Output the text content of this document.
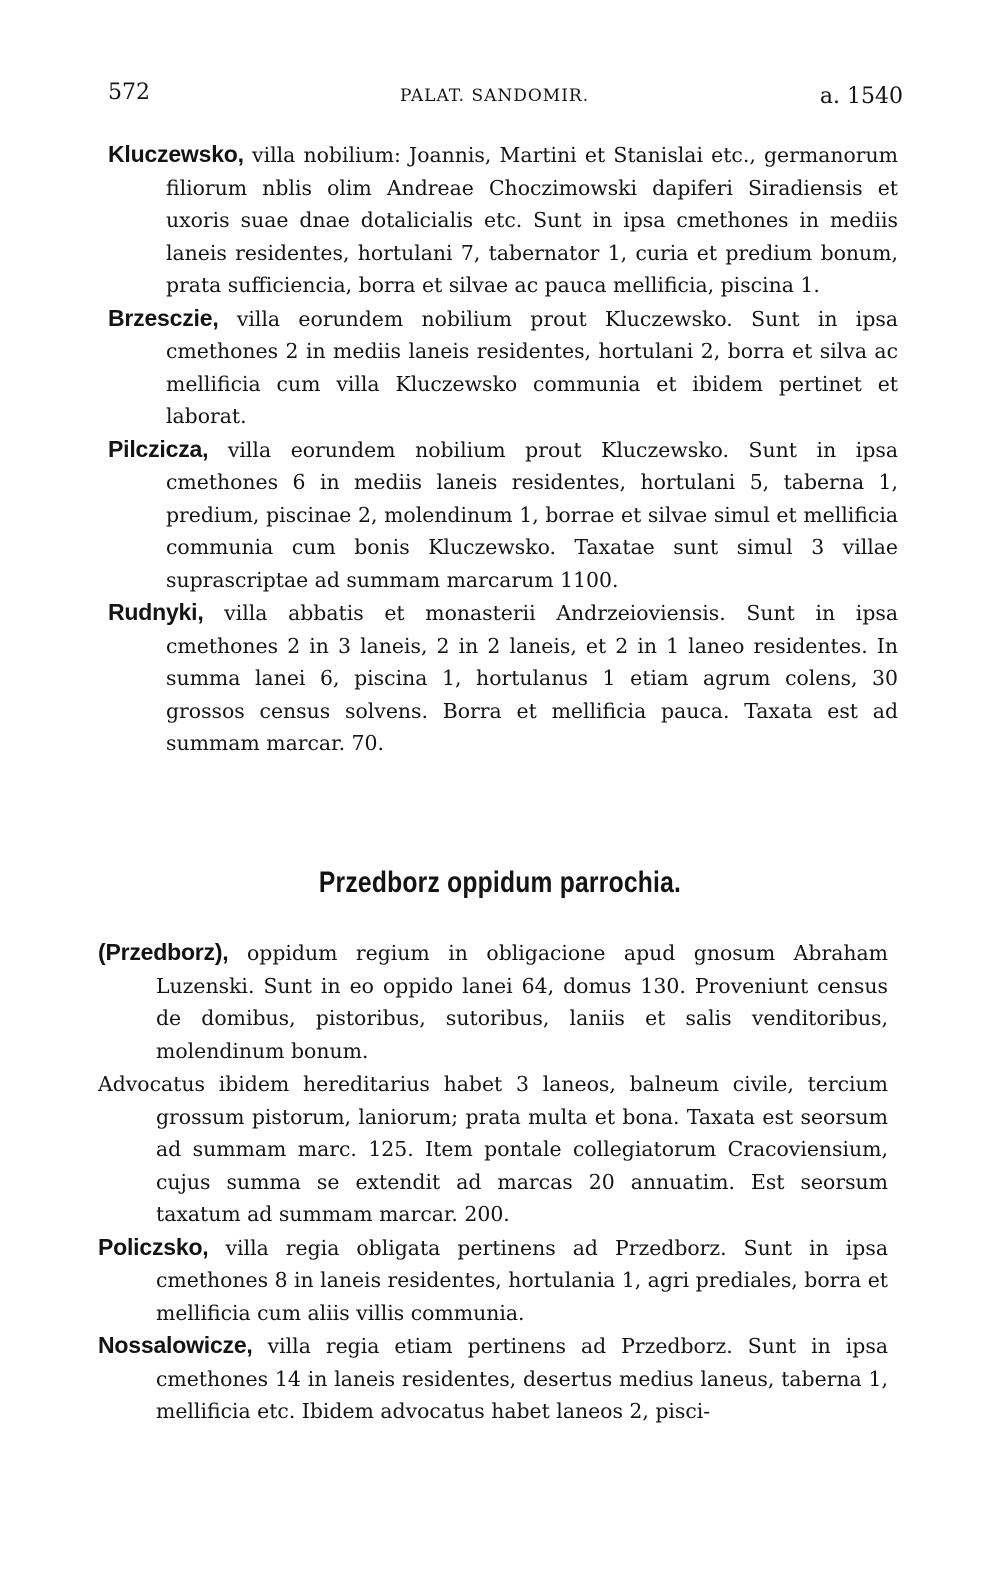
572	PALAT. SANDOMIR.	a. 1540

Kluczewsko, villa nobilium: Joannis, Martini et Stanislai etc., germanorum filiorum nblis olim Andreae Choczimowski dapiferi Siradiensis et uxoris suae dnae dotalicialis etc. Sunt in ipsa cmethones in mediis laneis residentes, hortulani 7, tabernator 1, curia et predium bonum, prata sufficiencia, borra et silvae ac pauca mellificia, piscina 1.

Brzesczie, villa eorundem nobilium prout Kluczewsko. Sunt in ipsa cmethones 2 in mediis laneis residentes, hortulani 2, borra et silva ac mellificia cum villa Kluczewsko communia et ibidem pertinet et laborat.

Pilczicza, villa eorundem nobilium prout Kluczewsko. Sunt in ipsa cmethones 6 in mediis laneis residentes, hortulani 5, taberna 1, predium, piscinae 2, molendinum 1, borrae et silvae simul et mellificia communia cum bonis Kluczewsko. Taxatae sunt simul 3 villae suprascriptae ad summam marcarum 1100.

Rudnyki, villa abbatis et monasterii Andrzeioviensis. Sunt in ipsa cmethones 2 in 3 laneis, 2 in 2 laneis, et 2 in 1 laneo residentes. In summa lanei 6, piscina 1, hortulanus 1 etiam agrum colens, 30 grossos census solvens. Borra et mellificia pauca. Taxata est ad summam marcar. 70.

Przedborz oppidum parrochia.

(Przedborz), oppidum regium in obligacione apud gnosum Abraham Luzenski. Sunt in eo oppido lanei 64, domus 130. Proveniunt census de domibus, pistoribus, sutoribus, laniis et salis venditoribus, molendinum bonum.

Advocatus ibidem hereditarius habet 3 laneos, balneum civile, tercium grossum pistorum, laniorum; prata multa et bona. Taxata est seorsum ad summam marc. 125. Item pontale collegiatorum Cracoviensium, cujus summa se extendit ad marcas 20 annuatim. Est seorsum taxatum ad summam marcar. 200.

Policzsko, villa regia obligata pertinens ad Przedborz. Sunt in ipsa cmethones 8 in laneis residentes, hortulania 1, agri prediales, borra et mellificia cum aliis villis communia.

Nossalowicze, villa regia etiam pertinens ad Przedborz. Sunt in ipsa cmethones 14 in laneis residentes, desertus medius laneus, taberna 1, mellificia etc. Ibidem advocatus habet laneos 2, pisci-
